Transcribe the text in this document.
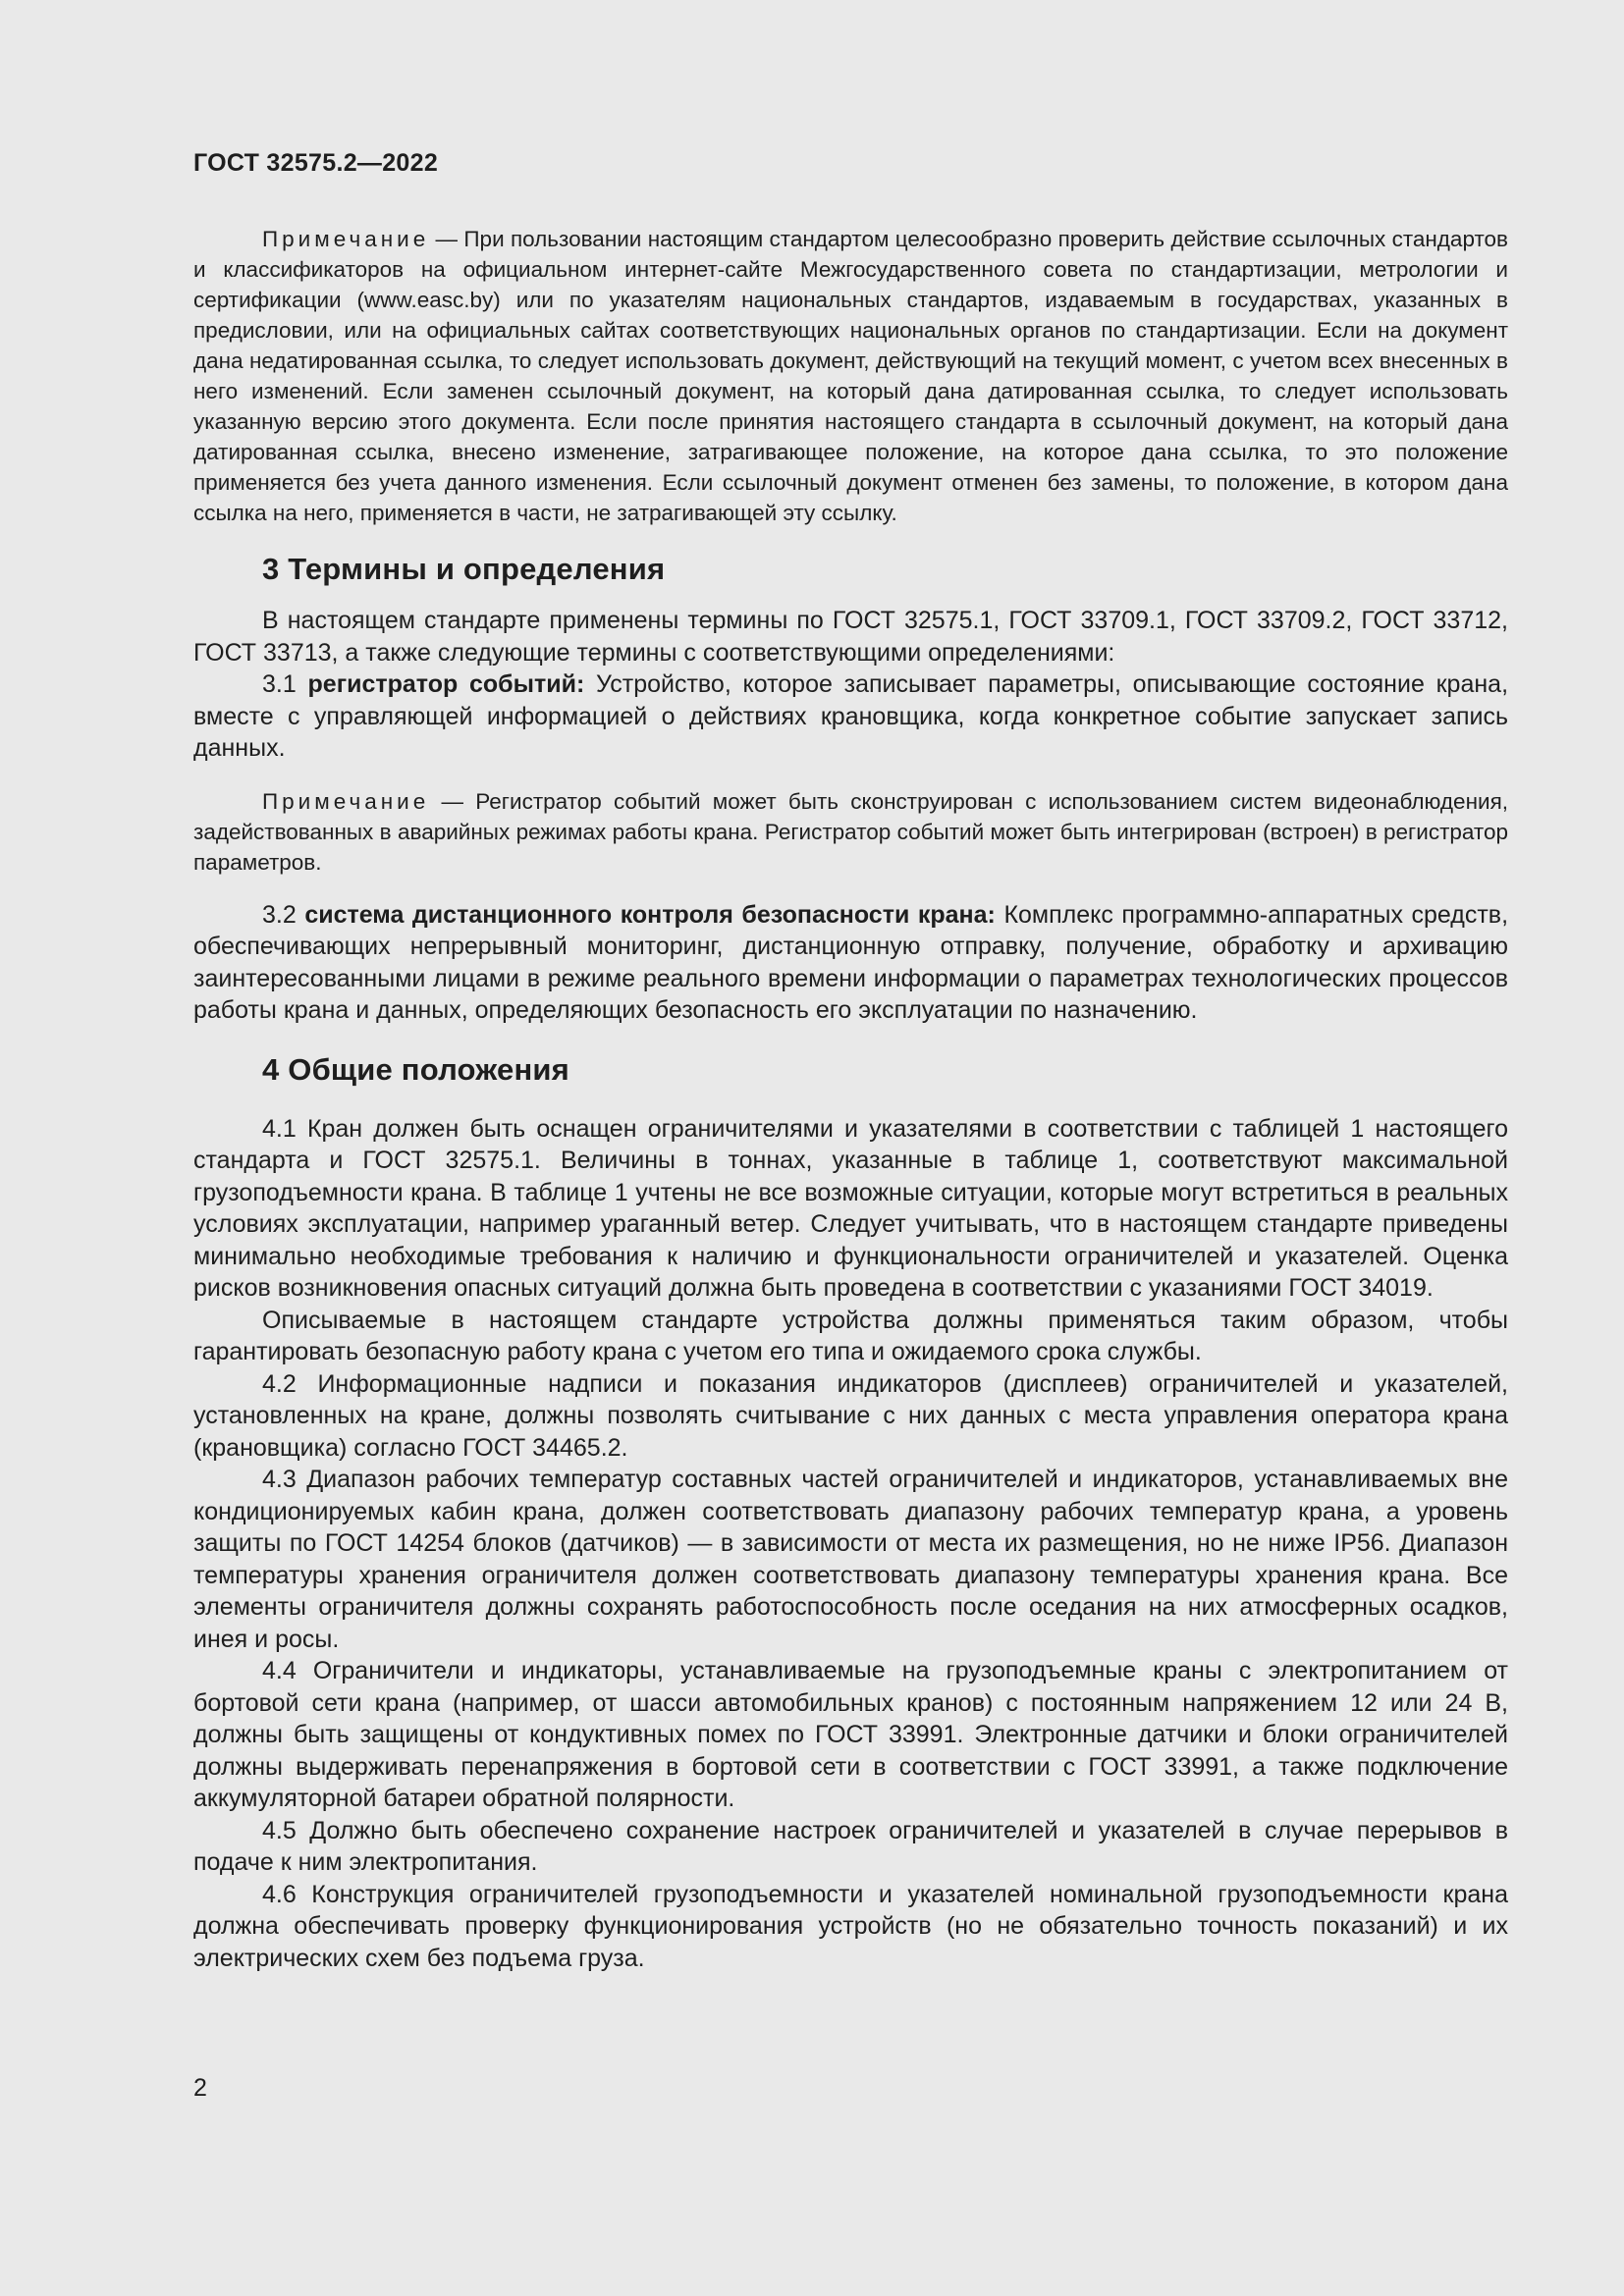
ГОСТ 32575.2—2022

Примечание — При пользовании настоящим стандартом целесообразно проверить действие ссылочных стандартов и классификаторов на официальном интернет-сайте Межгосударственного совета по стандартизации, метрологии и сертификации (www.easc.by) или по указателям национальных стандартов, издаваемым в государствах, указанных в предисловии, или на официальных сайтах соответствующих национальных органов по стандартизации. Если на документ дана недатированная ссылка, то следует использовать документ, действующий на текущий момент, с учетом всех внесенных в него изменений. Если заменен ссылочный документ, на который дана датированная ссылка, то следует использовать указанную версию этого документа. Если после принятия настоящего стандарта в ссылочный документ, на который дана датированная ссылка, внесено изменение, затрагивающее положение, на которое дана ссылка, то это положение применяется без учета данного изменения. Если ссылочный документ отменен без замены, то положение, в котором дана ссылка на него, применяется в части, не затрагивающей эту ссылку.

3 Термины и определения

В настоящем стандарте применены термины по ГОСТ 32575.1, ГОСТ 33709.1, ГОСТ 33709.2, ГОСТ 33712, ГОСТ 33713, а также следующие термины с соответствующими определениями:

3.1 регистратор событий: Устройство, которое записывает параметры, описывающие состояние крана, вместе с управляющей информацией о действиях крановщика, когда конкретное событие запускает запись данных.

Примечание — Регистратор событий может быть сконструирован с использованием систем видеонаблюдения, задействованных в аварийных режимах работы крана. Регистратор событий может быть интегрирован (встроен) в регистратор параметров.

3.2 система дистанционного контроля безопасности крана: Комплекс программно-аппаратных средств, обеспечивающих непрерывный мониторинг, дистанционную отправку, получение, обработку и архивацию заинтересованными лицами в режиме реального времени информации о параметрах технологических процессов работы крана и данных, определяющих безопасность его эксплуатации по назначению.

4 Общие положения

4.1 Кран должен быть оснащен ограничителями и указателями в соответствии с таблицей 1 настоящего стандарта и ГОСТ 32575.1. Величины в тоннах, указанные в таблице 1, соответствуют максимальной грузоподъемности крана. В таблице 1 учтены не все возможные ситуации, которые могут встретиться в реальных условиях эксплуатации, например ураганный ветер. Следует учитывать, что в настоящем стандарте приведены минимально необходимые требования к наличию и функциональности ограничителей и указателей. Оценка рисков возникновения опасных ситуаций должна быть проведена в соответствии с указаниями ГОСТ 34019.

Описываемые в настоящем стандарте устройства должны применяться таким образом, чтобы гарантировать безопасную работу крана с учетом его типа и ожидаемого срока службы.

4.2 Информационные надписи и показания индикаторов (дисплеев) ограничителей и указателей, установленных на кране, должны позволять считывание с них данных с места управления оператора крана (крановщика) согласно ГОСТ 34465.2.

4.3 Диапазон рабочих температур составных частей ограничителей и индикаторов, устанавливаемых вне кондиционируемых кабин крана, должен соответствовать диапазону рабочих температур крана, а уровень защиты по ГОСТ 14254 блоков (датчиков) — в зависимости от места их размещения, но не ниже IP56. Диапазон температуры хранения ограничителя должен соответствовать диапазону температуры хранения крана. Все элементы ограничителя должны сохранять работоспособность после оседания на них атмосферных осадков, инея и росы.

4.4 Ограничители и индикаторы, устанавливаемые на грузоподъемные краны с электропитанием от бортовой сети крана (например, от шасси автомобильных кранов) с постоянным напряжением 12 или 24 В, должны быть защищены от кондуктивных помех по ГОСТ 33991. Электронные датчики и блоки ограничителей должны выдерживать перенапряжения в бортовой сети в соответствии с ГОСТ 33991, а также подключение аккумуляторной батареи обратной полярности.

4.5 Должно быть обеспечено сохранение настроек ограничителей и указателей в случае перерывов в подаче к ним электропитания.

4.6 Конструкция ограничителей грузоподъемности и указателей номинальной грузоподъемности крана должна обеспечивать проверку функционирования устройств (но не обязательно точность показаний) и их электрических схем без подъема груза.

2
